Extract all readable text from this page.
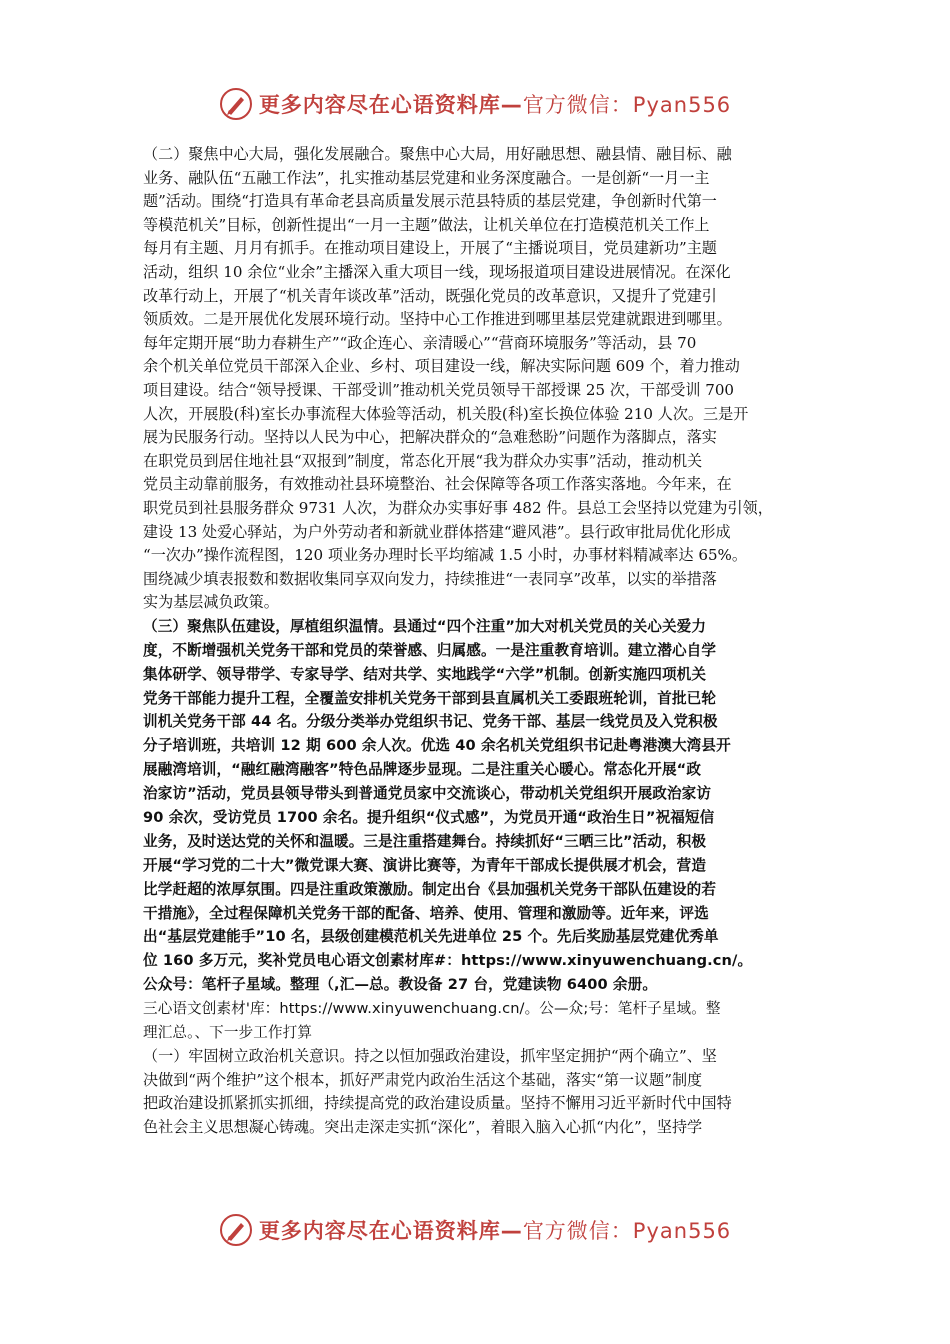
更多内容尽在心语资料库—官方微信：Pyan556
（二）聚焦中心大局，强化发展融合。聚焦中心大局，用好融思想、融县情、融目标、融
业务、融队伍“五融工作法”，扎实推动基层党建和业务深度融合。一是创新“一月一主
题”活动。围绕“打造具有革命老县高质量发展示范县特质的基层党建，争创新时代第一
等模范机关”目标，创新性提出“一月一主题”做法，让机关单位在打造模范机关工作上
每月有主题、月月有抓手。在推动项目建设上，开展了“主播说项目，党员建新功”主题
活动，组织 10 余位“业余”主播深入重大项目一线，现场报道项目建设进展情况。在深化
改革行动上，开展了“机关青年谈改革”活动，既强化党员的改革意识，又提升了党建引
领质效。二是开展优化发展环境行动。坚持中心工作推进到哪里基层党建就跟进到哪里。
每年定期开展“助力春耕生产”“政企连心、亲清暖心”“营商环境服务”等活动，县 70
余个机关单位党员干部深入企业、乡村、项目建设一线，解决实际问题 609 个，着力推动
项目建设。结合“领导授课、干部受训”推动机关党员领导干部授课 25 次，干部受训 700
人次，开展股(科)室长办事流程大体验等活动，机关股(科)室长换位体验 210 人次。三是开
展为民服务行动。坚持以人民为中心，把解决群众的“急难愁盼”问题作为落脚点，落实
在职党员到居住地社县“双报到”制度，常态化开展“我为群众办实事”活动，推动机关
党员主动靠前服务，有效推动社县环境整治、社会保障等各项工作落实落地。今年来，在
职党员到社县服务群众 9731 人次，为群众办实事好事 482 件。县总工会坚持以党建为引领，
建设 13 处爱心驿站，为户外劳动者和新就业群体搭建“避风港”。县行政审批局优化形成
“一次办”操作流程图，120 项业务办理时长平均缩减 1.5 小时，办事材料精减率达 65%。
围绕减少填表报数和数据收集同享双向发力，持续推进“一表同享”改革，以实的举措落
实为基层减负政策。
（三）聚焦队伍建设，厚植组织温情。县通过“四个注重”加大对机关党员的关心关爱力
度，不断增强机关党务干部和党员的荣誉感、归属感。一是注重教育培训。建立潜心自学
集体研学、领导带学、专家导学、结对共学、实地践学“六学”机制。创新实施四项机关
党务干部能力提升工程，全覆盖安排机关党务干部到县直属机关工委跟班轮训，首批已轮
训机关党务干部 44 名。分级分类举办党组织书记、党务干部、基层一线党员及入党积极
分子培训班，共培训 12 期 600 余人次。优选 40 余名机关党组织书记赴粤港澳大湾县开
展融湾培训，“融红融湾融客”特色品牌逐步显现。二是注重关心暖心。常态化开展“政
治家访”活动，党员县领导带头到普通党员家中交流谈心，带动机关党组织开展政治家访
90 余次，受访党员 1700 余名。提升组织“仪式感”，为党员开通“政治生日”祝福短信
业务，及时送达党的关怀和温暖。三是注重搭建舞台。持续抓好“三晒三比”活动，积极
开展“学习党的二十大”微党课大赛、演讲比赛等，为青年干部成长提供展才机会，营造
比学赶超的浓厚氛围。四是注重政策激励。制定出台《县加强机关党务干部队伍建设的若
干措施》，全过程保障机关党务干部的配备、培养、使用、管理和激励等。近年来，评选
出“基层党建能手”10 名，县级创建模范机关先进单位 25 个。先后奖励基层党建优秀单
位 160 多万元，奖补党员电心语文创素材库#：https://www.xinyuwenchuang.cn/。
公众号：笔杆子星域。整理（,汇—总。教设备 27 台，党建读物 6400 余册。
三心语文创素材'库：https://www.xinyuwenchuang.cn/。公—众;号：笔杆子星域。整
理汇总。、下一步工作打算
（一）牢固树立政治机关意识。持之以恒加强政治建设，抓牢坚定拥护“两个确立”、坚
决做到“两个维护”这个根本，抓好严肃党内政治生活这个基础，落实“第一议题”制度
把政治建设抓紧抓实抓细，持续提高党的政治建设质量。坚持不懈用习近平新时代中国特
色社会主义思想凝心铸魂。突出走深走实抓“深化”，着眼入脑入心抓“内化”，坚持学
更多内容尽在心语资料库—官方微信：Pyan556
